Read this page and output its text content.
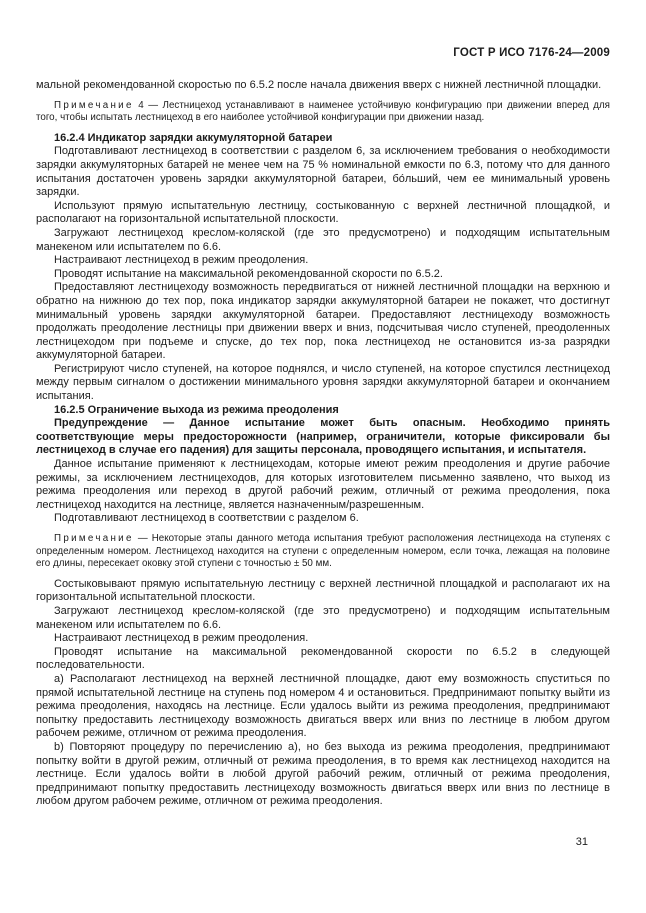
ГОСТ Р ИСО 7176-24—2009

мальной рекомендованной скоростью по 6.5.2 после начала движения вверх с нижней лестничной площадки.

Примечание 4 — Лестницеход устанавливают в наименее устойчивую конфигурацию при движении вперед для того, чтобы испытать лестницеход в его наиболее устойчивой конфигурации при движении назад.

16.2.4 Индикатор зарядки аккумуляторной батареи

Подготавливают лестницеход в соответствии с разделом 6, за исключением требования о необходимости зарядки аккумуляторных батарей не менее чем на 75 % номинальной емкости по 6.3, потому что для данного испытания достаточен уровень зарядки аккумуляторной батареи, бо́льший, чем ее минимальный уровень зарядки.

Используют прямую испытательную лестницу, состыкованную с верхней лестничной площадкой, и располагают на горизонтальной испытательной плоскости.

Загружают лестницеход креслом-коляской (где это предусмотрено) и подходящим испытательным манекеном или испытателем по 6.6.

Настраивают лестницеход в режим преодоления.

Проводят испытание на максимальной рекомендованной скорости по 6.5.2.

Предоставляют лестницеходу возможность передвигаться от нижней лестничной площадки на верхнюю и обратно на нижнюю до тех пор, пока индикатор зарядки аккумуляторной батареи не покажет, что достигнут минимальный уровень зарядки аккумуляторной батареи. Предоставляют лестницеходу возможность продолжать преодоление лестницы при движении вверх и вниз, подсчитывая число ступеней, преодоленных лестницеходом при подъеме и спуске, до тех пор, пока лестницеход не остановится из-за разрядки аккумуляторной батареи.

Регистрируют число ступеней, на которое поднялся, и число ступеней, на которое спустился лестницеход между первым сигналом о достижении минимального уровня зарядки аккумуляторной батареи и окончанием испытания.

16.2.5 Ограничение выхода из режима преодоления

Предупреждение — Данное испытание может быть опасным. Необходимо принять соответствующие меры предосторожности (например, ограничители, которые фиксировали бы лестницеход в случае его падения) для защиты персонала, проводящего испытания, и испытателя.

Данное испытание применяют к лестницеходам, которые имеют режим преодоления и другие рабочие режимы, за исключением лестницеходов, для которых изготовителем письменно заявлено, что выход из режима преодоления или переход в другой рабочий режим, отличный от режима преодоления, пока лестницеход находится на лестнице, является назначенным/разрешенным.

Подготавливают лестницеход в соответствии с разделом 6.

Примечание — Некоторые этапы данного метода испытания требуют расположения лестницехода на ступенях с определенным номером. Лестницеход находится на ступени с определенным номером, если точка, лежащая на половине его длины, пересекает оковку этой ступени с точностью ± 50 мм.

Состыковывают прямую испытательную лестницу с верхней лестничной площадкой и располагают их на горизонтальной испытательной плоскости.

Загружают лестницеход креслом-коляской (где это предусмотрено) и подходящим испытательным манекеном или испытателем по 6.6.

Настраивают лестницеход в режим преодоления.

Проводят испытание на максимальной рекомендованной скорости по 6.5.2 в следующей последовательности.

a) Располагают лестницеход на верхней лестничной площадке, дают ему возможность спуститься по прямой испытательной лестнице на ступень под номером 4 и остановиться. Предпринимают попытку выйти из режима преодоления, находясь на лестнице. Если удалось выйти из режима преодоления, предпринимают попытку предоставить лестницеходу возможность двигаться вверх или вниз по лестнице в любом другом рабочем режиме, отличном от режима преодоления.

b) Повторяют процедуру по перечислению a), но без выхода из режима преодоления, предпринимают попытку войти в другой режим, отличный от режима преодоления, в то время как лестницеход находится на лестнице. Если удалось войти в любой другой рабочий режим, отличный от режима преодоления, предпринимают попытку предоставить лестницеходу возможность двигаться вверх или вниз по лестнице в любом другом рабочем режиме, отличном от режима преодоления.

31
